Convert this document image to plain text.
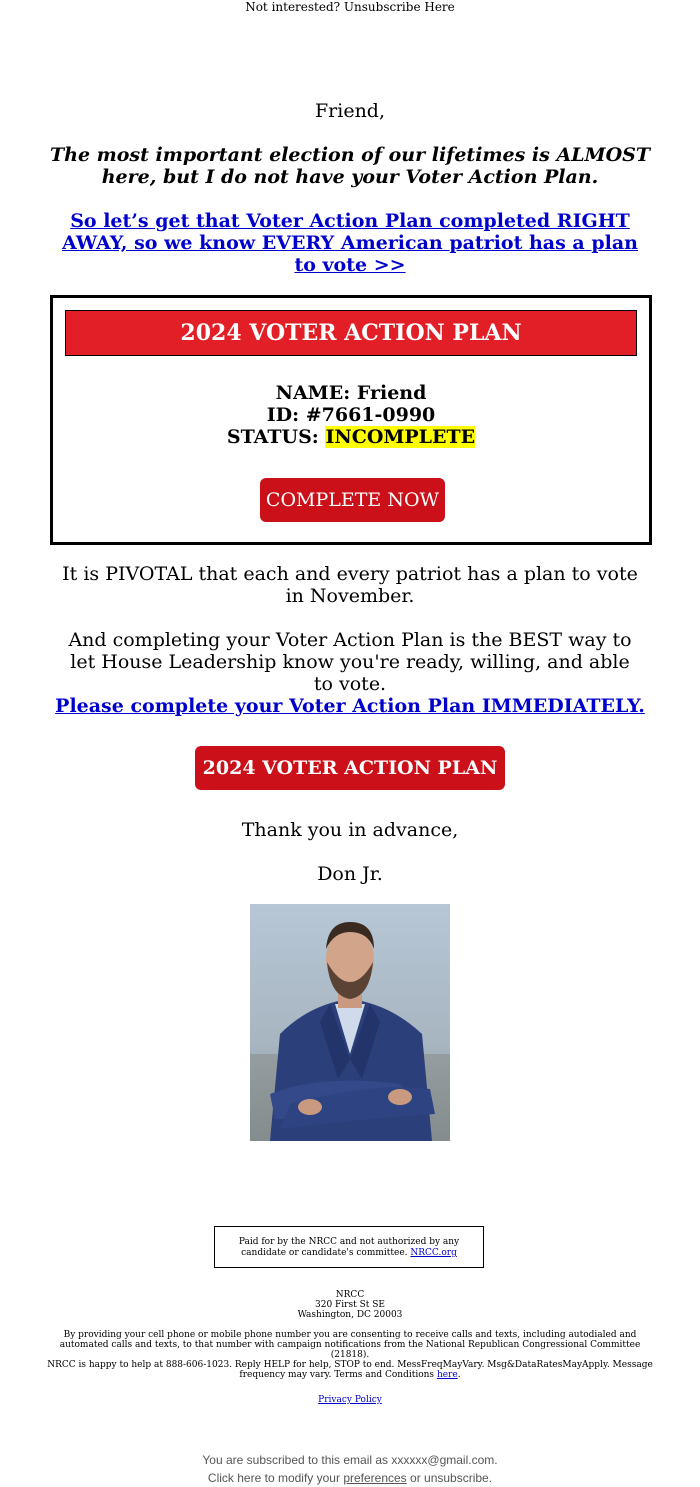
Not interested? Unsubscribe Here
Friend,
The most important election of our lifetimes is ALMOST here, but I do not have your Voter Action Plan.
So let’s get that Voter Action Plan completed RIGHT AWAY, so we know EVERY American patriot has a plan to vote >>
2024 VOTER ACTION PLAN
NAME: Friend
ID: #7661-0990
STATUS: INCOMPLETE
COMPLETE NOW
It is PIVOTAL that each and every patriot has a plan to vote in November.
And completing your Voter Action Plan is the BEST way to let House Leadership know you're ready, willing, and able to vote.
Please complete your Voter Action Plan IMMEDIATELY.
2024 VOTER ACTION PLAN
Thank you in advance,
Don Jr.
Paid for by the NRCC and not authorized by any candidate or candidate's committee. NRCC.org
NRCC
320 First St SE
Washington, DC 20003
By providing your cell phone or mobile phone number you are consenting to receive calls and texts, including autodialed and automated calls and texts, to that number with campaign notifications from the National Republican Congressional Committee (21818).
NRCC is happy to help at 888-606-1023. Reply HELP for help, STOP to end. MessFreqMayVary. Msg&DataRatesMayApply. Message frequency may vary. Terms and Conditions here.
Privacy Policy
You are subscribed to this email as xxxxxx@gmail.com.
Click here to modify your preferences or unsubscribe.
